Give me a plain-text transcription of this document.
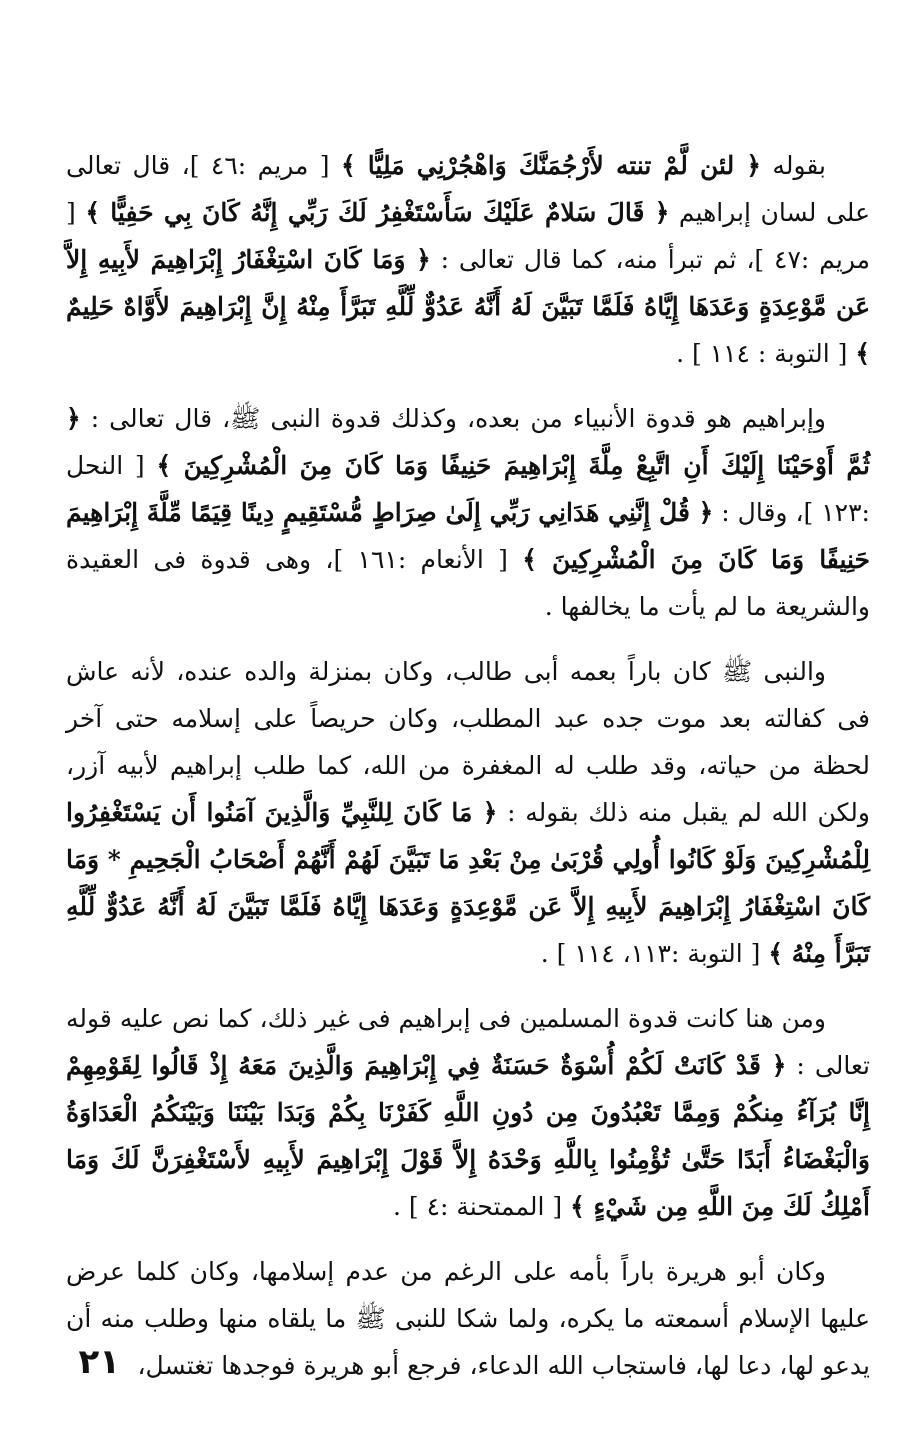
بقوله ﴿ لئن لَّمْ تنته لأَرْجُمَنَّكَ وَاهْجُرْنِي مَلِيًّا ﴾ [ مريم :٤٦ ]، قال تعالى على لسان إبراهيم ﴿ قَالَ سَلامٌ عَلَيْكَ سَأَسْتَغْفِرُ لَكَ رَبِّي إِنَّهُ كَانَ بِي حَفِيًّا ﴾ [ مريم :٤٧ ]، ثم تبرأ منه، كما قال تعالى : ﴿ وَمَا كَانَ اسْتِغْفَارُ إِبْرَاهِيمَ لأَبِيهِ إِلاَّ عَن مَّوْعِدَةٍ وَعَدَهَا إِيَّاهُ فَلَمَّا تَبَيَّنَ لَهُ أَنَّهُ عَدُوٌّ لِّلَّهِ تَبَرَّأَ مِنْهُ إِنَّ إِبْرَاهِيمَ لأَوَّاهٌ حَلِيمٌ ﴾ [ التوبة : ١١٤ ] .

وإبراهيم هو قدوة الأنبياء من بعده، وكذلك قدوة النبى ﷺ، قال تعالى : ﴿ ثُمَّ أَوْحَيْنَا إِلَيْكَ أَنِ اتَّبِعْ مِلَّةَ إِبْرَاهِيمَ حَنِيفًا وَمَا كَانَ مِنَ الْمُشْرِكِينَ ﴾ [ النحل :١٢٣ ]، وقال : ﴿ قُلْ إِنَّنِي هَدَانِي رَبِّي إِلَىٰ صِرَاطٍ مُّسْتَقِيمٍ دِينًا قِيَمًا مِّلَّةَ إِبْرَاهِيمَ حَنِيفًا وَمَا كَانَ مِنَ الْمُشْرِكِينَ ﴾ [ الأنعام :١٦١ ]، وهى قدوة فى العقيدة والشريعة ما لم يأت ما يخالفها .

والنبى ﷺ كان باراً بعمه أبى طالب، وكان بمنزلة والده عنده، لأنه عاش فى كفالته بعد موت جده عبد المطلب، وكان حريصاً على إسلامه حتى آخر لحظة من حياته، وقد طلب له المغفرة من الله، كما طلب إبراهيم لأبيه آزر، ولكن الله لم يقبل منه ذلك بقوله : ﴿ مَا كَانَ لِلنَّبِيِّ وَالَّذِينَ آمَنُوا أَن يَسْتَغْفِرُوا لِلْمُشْرِكِينَ وَلَوْ كَانُوا أُولِي قُرْبَىٰ مِنْ بَعْدِ مَا تَبَيَّنَ لَهُمْ أَنَّهُمْ أَصْحَابُ الْجَحِيمِ * وَمَا كَانَ اسْتِغْفَارُ إِبْرَاهِيمَ لأَبِيهِ إِلاَّ عَن مَّوْعِدَةٍ وَعَدَهَا إِيَّاهُ فَلَمَّا تَبَيَّنَ لَهُ أَنَّهُ عَدُوٌّ لِّلَّهِ تَبَرَّأَ مِنْهُ ﴾ [ التوبة :١١٣، ١١٤ ] .

ومن هنا كانت قدوة المسلمين فى إبراهيم فى غير ذلك، كما نص عليه قوله تعالى : ﴿ قَدْ كَانَتْ لَكُمْ أُسْوَةٌ حَسَنَةٌ فِي إِبْرَاهِيمَ وَالَّذِينَ مَعَهُ إِذْ قَالُوا لِقَوْمِهِمْ إِنَّا بُرَآءُ مِنكُمْ وَمِمَّا تَعْبُدُونَ مِن دُونِ اللَّهِ كَفَرْنَا بِكُمْ وَبَدَا بَيْنَنَا وَبَيْنَكُمُ الْعَدَاوَةُ وَالْبَغْضَاءُ أَبَدًا حَتَّىٰ تُؤْمِنُوا بِاللَّهِ وَحْدَهُ إِلاَّ قَوْلَ إِبْرَاهِيمَ لأَبِيهِ لأَسْتَغْفِرَنَّ لَكَ وَمَا أَمْلِكُ لَكَ مِنَ اللَّهِ مِن شَيْءٍ ﴾ [ الممتحنة :٤ ] .

وكان أبو هريرة باراً بأمه على الرغم من عدم إسلامها، وكان كلما عرض عليها الإسلام أسمعته ما يكره، ولما شكا للنبى ﷺ ما يلقاه منها وطلب منه أن يدعو لها، دعا لها، فاستجاب الله الدعاء، فرجع أبو هريرة فوجدها تغتسل،

٢١
